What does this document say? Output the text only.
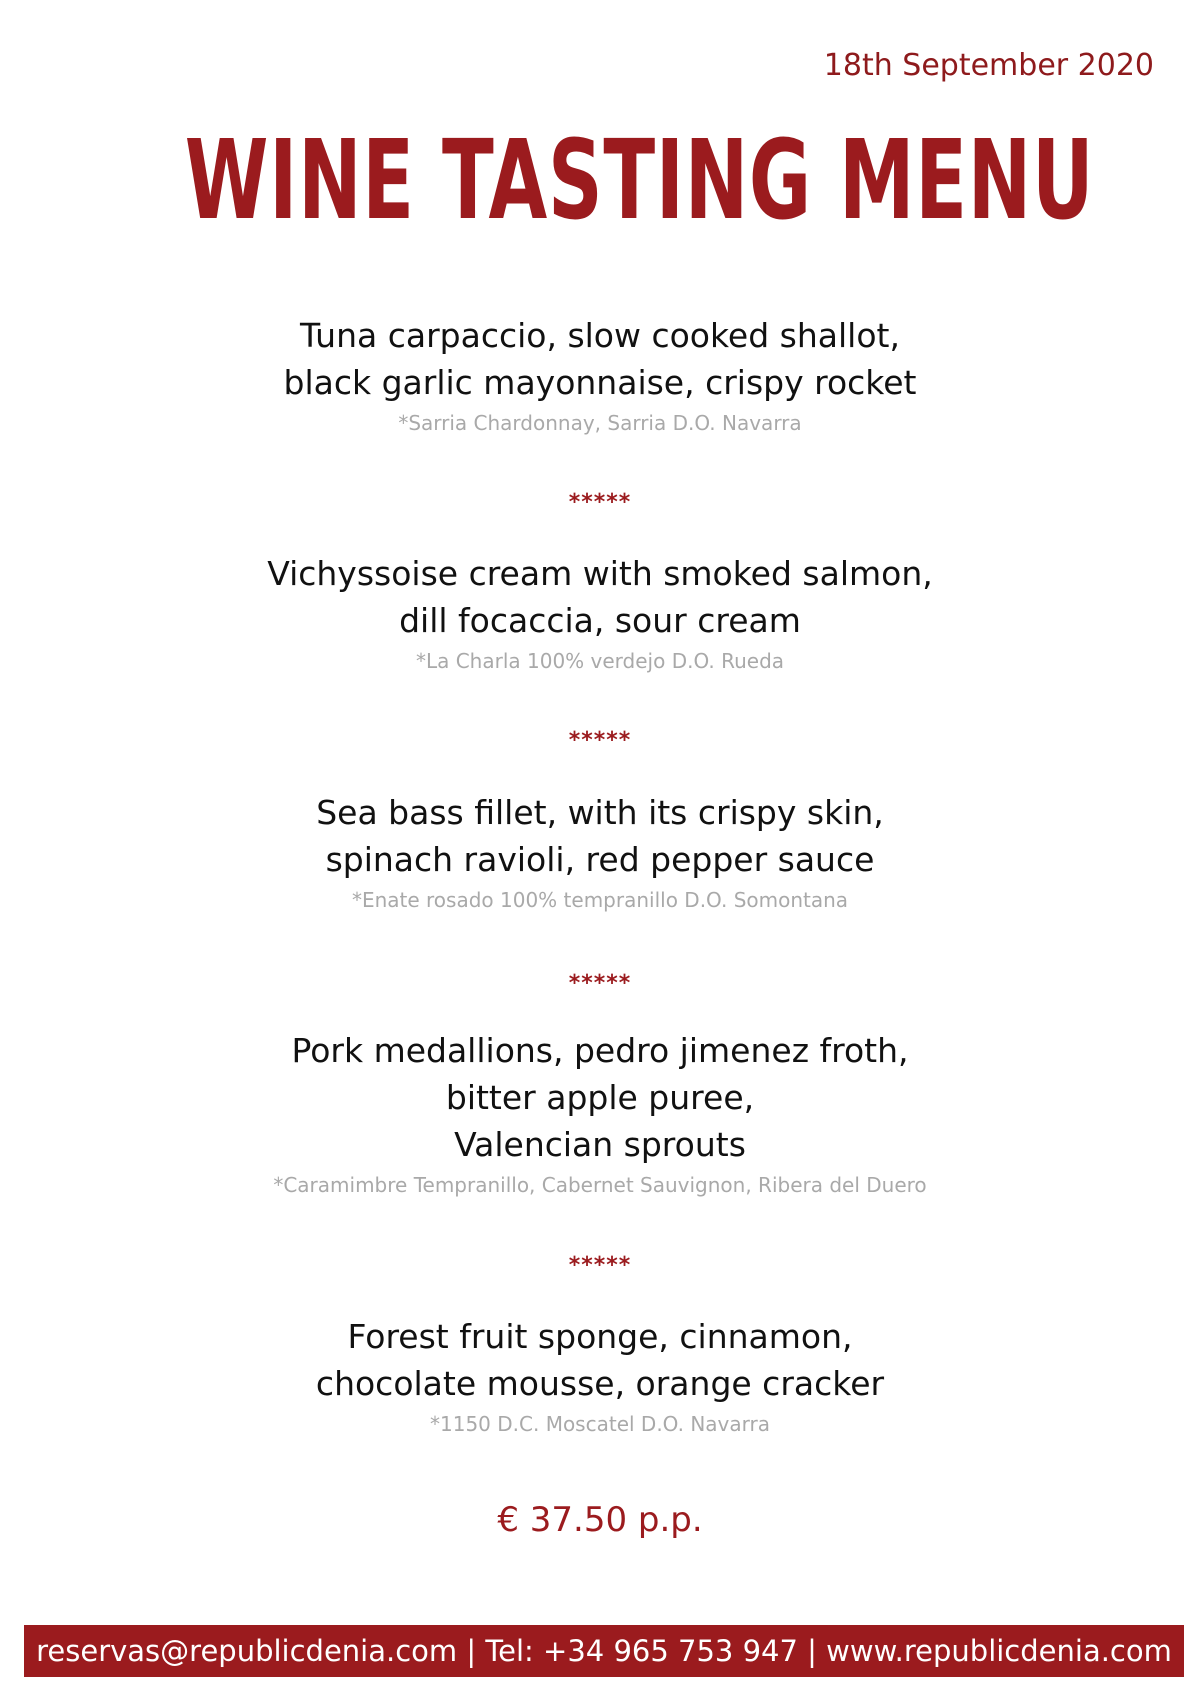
18th September 2020
WINE TASTING MENU
Tuna carpaccio, slow cooked shallot,
black garlic mayonnaise, crispy rocket
*Sarria Chardonnay, Sarria D.O. Navarra
*****
Vichyssoise cream with smoked salmon,
dill focaccia, sour cream
*La Charla 100% verdejo D.O. Rueda
*****
Sea bass fillet, with its crispy skin,
spinach ravioli, red pepper sauce
*Enate rosado 100% tempranillo D.O. Somontana
*****
Pork medallions, pedro jimenez froth,
bitter apple puree,
Valencian sprouts
*Caramimbre Tempranillo, Cabernet Sauvignon, Ribera del Duero
*****
Forest fruit sponge, cinnamon,
chocolate mousse, orange cracker
*1150 D.C. Moscatel D.O. Navarra
€ 37.50 p.p.
reservas@republicdenia.com | Tel: +34 965 753 947 | www.republicdenia.com
